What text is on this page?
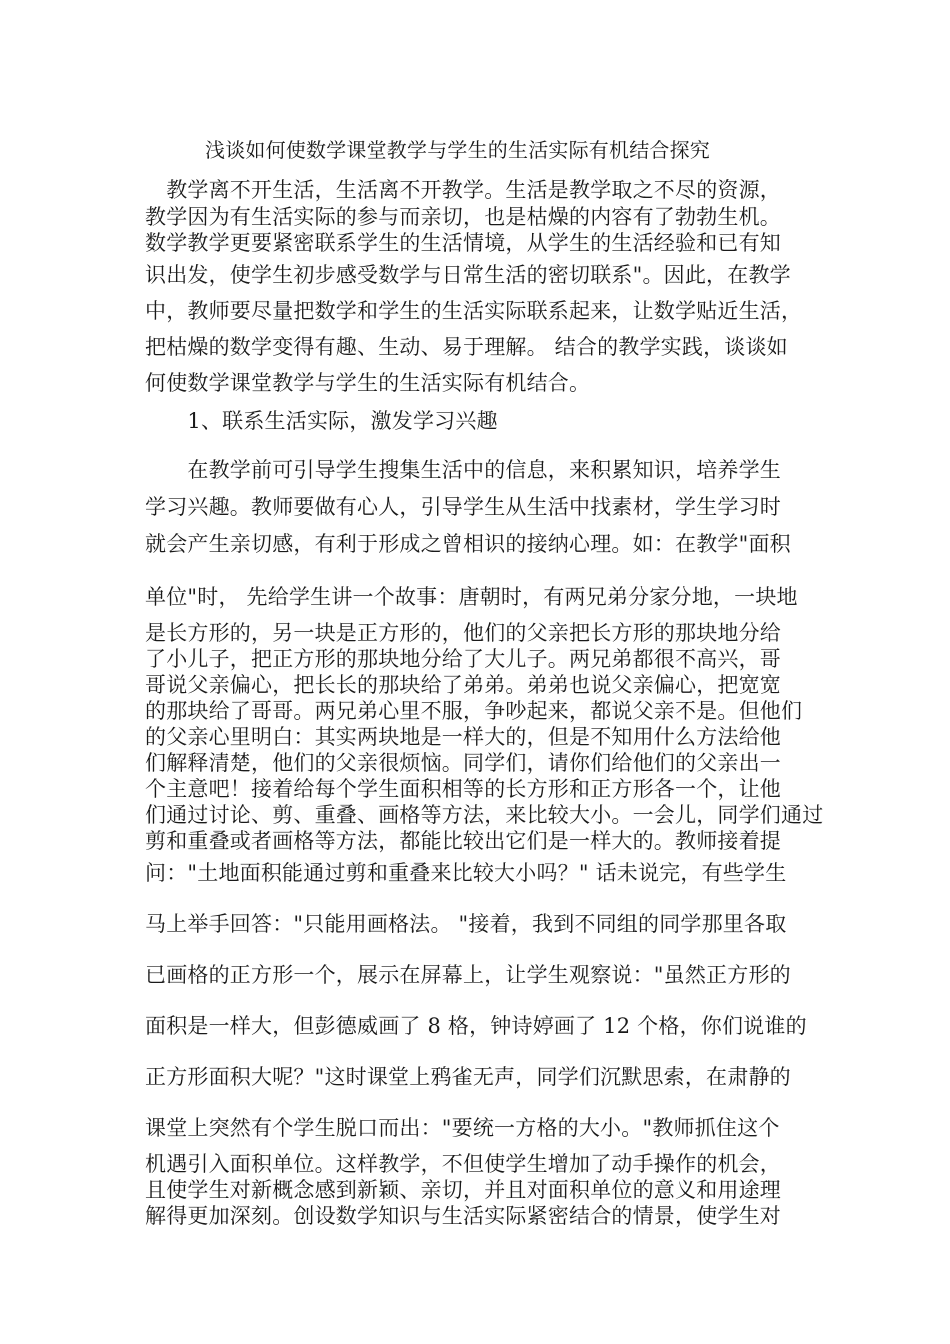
浅谈如何使数学课堂教学与学生的生活实际有机结合探究
　教学离不开生活，生活离不开教学。生活是教学取之不尽的资源，
教学因为有生活实际的参与而亲切，也是枯燥的内容有了勃勃生机。
数学教学更要紧密联系学生的生活情境，从学生的生活经验和已有知
识出发，使学生初步感受数学与日常生活的密切联系"。因此，在教学
中，教师要尽量把数学和学生的生活实际联系起来，让数学贴近生活，
把枯燥的数学变得有趣、生动、易于理解。 结合的教学实践，谈谈如
何使数学课堂教学与学生的生活实际有机结合。
　　1、联系生活实际，激发学习兴趣
　　在教学前可引导学生搜集生活中的信息，来积累知识，培养学生
学习兴趣。教师要做有心人，引导学生从生活中找素材，学生学习时
就会产生亲切感，有利于形成之曾相识的接纳心理。如：在教学"面积
单位"时， 先给学生讲一个故事：唐朝时，有两兄弟分家分地，一块地
是长方形的，另一块是正方形的，他们的父亲把长方形的那块地分给
了小儿子，把正方形的那块地分给了大儿子。两兄弟都很不高兴，哥
哥说父亲偏心，把长长的那块给了弟弟。弟弟也说父亲偏心，把宽宽
的那块给了哥哥。两兄弟心里不服，争吵起来，都说父亲不是。但他们
的父亲心里明白：其实两块地是一样大的，但是不知用什么方法给他
们解释清楚，他们的父亲很烦恼。同学们，请你们给他们的父亲出一
个主意吧！接着给每个学生面积相等的长方形和正方形各一个，让他
们通过讨论、剪、重叠、画格等方法，来比较大小。一会儿，同学们通过
剪和重叠或者画格等方法，都能比较出它们是一样大的。教师接着提
问："土地面积能通过剪和重叠来比较大小吗？" 话未说完，有些学生
马上举手回答："只能用画格法。 "接着，我到不同组的同学那里各取
已画格的正方形一个，展示在屏幕上，让学生观察说："虽然正方形的
面积是一样大，但彭德威画了 8 格，钟诗婷画了 12 个格，你们说谁的
正方形面积大呢？"这时课堂上鸦雀无声，同学们沉默思索，在肃静的
课堂上突然有个学生脱口而出："要统一方格的大小。"教师抓住这个
机遇引入面积单位。这样教学，不但使学生增加了动手操作的机会，
且使学生对新概念感到新颖、亲切，并且对面积单位的意义和用途理
解得更加深刻。创设数学知识与生活实际紧密结合的情景，使学生对
